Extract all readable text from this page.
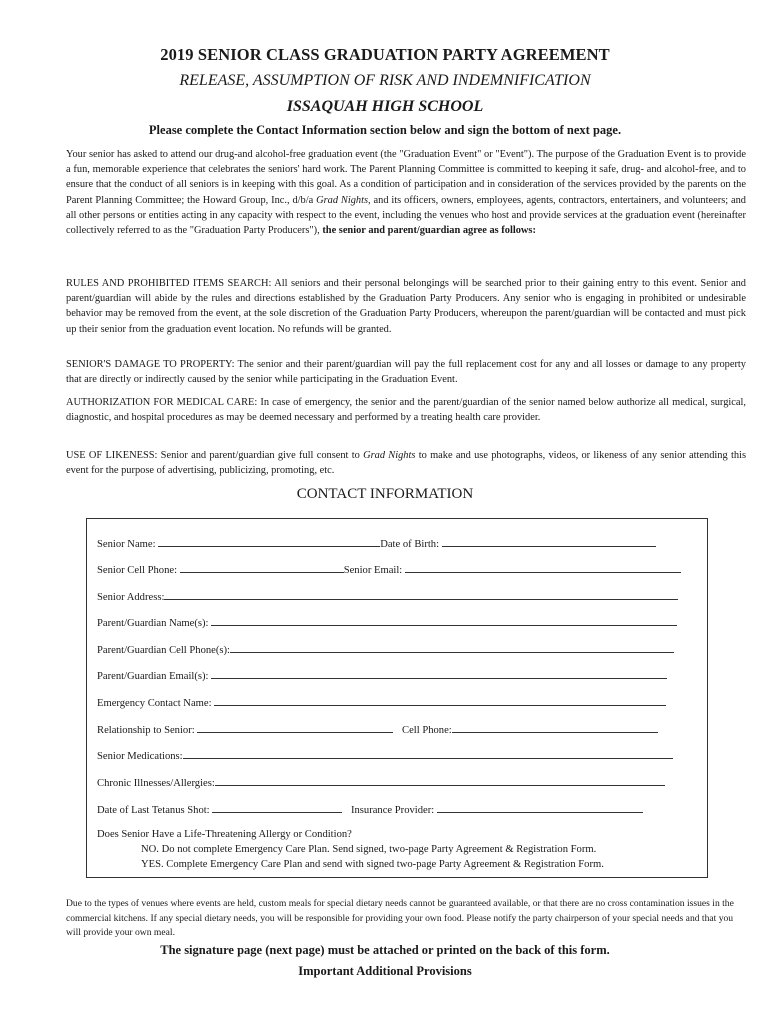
2019 SENIOR CLASS GRADUATION PARTY AGREEMENT
RELEASE, ASSUMPTION OF RISK AND INDEMNIFICATION
ISSAQUAH HIGH SCHOOL
Please complete the Contact Information section below and sign the bottom of next page.

Your senior has asked to attend our drug-and alcohol-free graduation event (the "Graduation Event" or "Event"). The purpose of the Graduation Event is to provide a fun, memorable experience that celebrates the seniors' hard work. The Parent Planning Committee is committed to keeping it safe, drug- and alcohol-free, and to ensure that the conduct of all seniors is in keeping with this goal. As a condition of participation and in consideration of the services provided by the parents on the Parent Planning Committee; the Howard Group, Inc., d/b/a Grad Nights, and its officers, owners, employees, agents, contractors, entertainers, and volunteers; and all other persons or entities acting in any capacity with respect to the event, including the venues who host and provide services at the graduation event (hereinafter collectively referred to as the "Graduation Party Producers"), the senior and parent/guardian agree as follows:

RULES AND PROHIBITED ITEMS SEARCH: All seniors and their personal belongings will be searched prior to their gaining entry to this event. Senior and parent/guardian will abide by the rules and directions established by the Graduation Party Producers. Any senior who is engaging in prohibited or undesirable behavior may be removed from the event, at the sole discretion of the Graduation Party Producers, whereupon the parent/guardian will be contacted and must pick up their senior from the graduation event location. No refunds will be granted.

SENIOR'S DAMAGE TO PROPERTY: The senior and their parent/guardian will pay the full replacement cost for any and all losses or damage to any property that are directly or indirectly caused by the senior while participating in the Graduation Event.

AUTHORIZATION FOR MEDICAL CARE: In case of emergency, the senior and the parent/guardian of the senior named below authorize all medical, surgical, diagnostic, and hospital procedures as may be deemed necessary and performed by a treating health care provider.

USE OF LIKENESS: Senior and parent/guardian give full consent to Grad Nights to make and use photographs, videos, or likeness of any senior attending this event for the purpose of advertising, publicizing, promoting, etc.

CONTACT INFORMATION
Senior Name:	Date of Birth:
Senior Cell Phone:	Senior Email:
Senior Address:
Parent/Guardian Name(s):
Parent/Guardian Cell Phone(s):
Parent/Guardian Email(s):
Emergency Contact Name:
Relationship to Senior:	Cell Phone:
Senior Medications:
Chronic Illnesses/Allergies:
Date of Last Tetanus Shot:	Insurance Provider:
Does Senior Have a Life-Threatening Allergy or Condition?
NO. Do not complete Emergency Care Plan. Send signed, two-page Party Agreement & Registration Form.
YES. Complete Emergency Care Plan and send with signed two-page Party Agreement & Registration Form.

Due to the types of venues where events are held, custom meals for special dietary needs cannot be guaranteed available, or that there are no cross contamination issues in the commercial kitchens. If any special dietary needs, you will be responsible for providing your own food. Please notify the party chairperson of your special needs and that you will provide your own meal.

The signature page (next page) must be attached or printed on the back of this form.
Important Additional Provisions
